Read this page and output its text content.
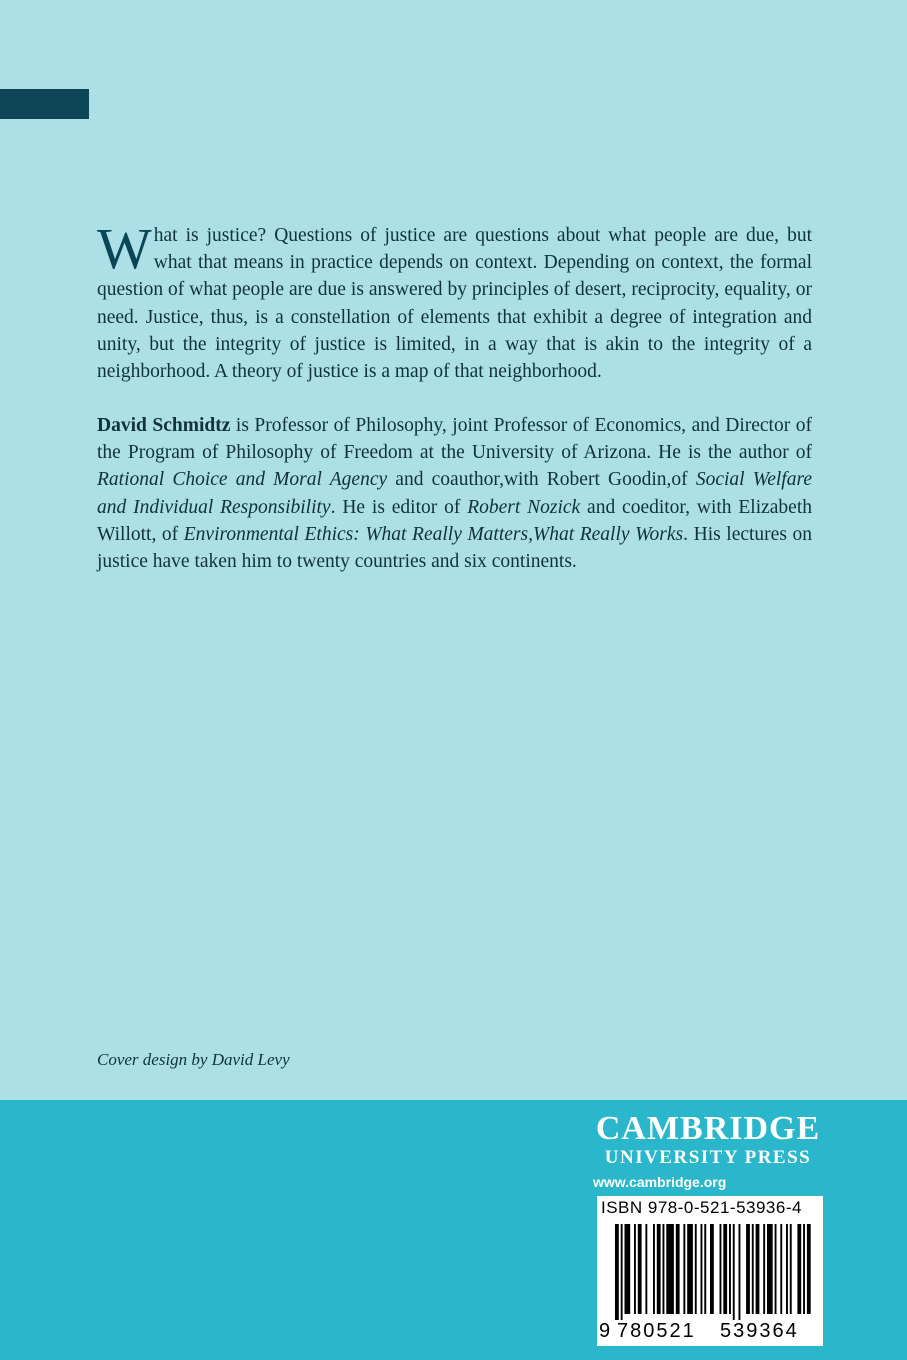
What is justice? Questions of justice are questions about what people are due, but what that means in practice depends on context. Depending on context, the formal question of what people are due is answered by principles of desert, reciprocity, equality, or need. Justice, thus, is a constellation of elements that exhibit a degree of integration and unity, but the integrity of justice is limited, in a way that is akin to the integrity of a neighborhood. A theory of justice is a map of that neighborhood.

David Schmidtz is Professor of Philosophy, joint Professor of Economics, and Director of the Program of Philosophy of Freedom at the University of Arizona. He is the author of Rational Choice and Moral Agency and coauthor,with Robert Goodin,of Social Welfare and Individual Responsibility. He is editor of Robert Nozick and coeditor, with Elizabeth Willott, of Environmental Ethics: What Really Matters,What Really Works. His lectures on justice have taken him to twenty countries and six continents.

Cover design by David Levy

CAMBRIDGE
UNIVERSITY PRESS
www.cambridge.org
ISBN 978-0-521-53936-4
9 780521 539364
